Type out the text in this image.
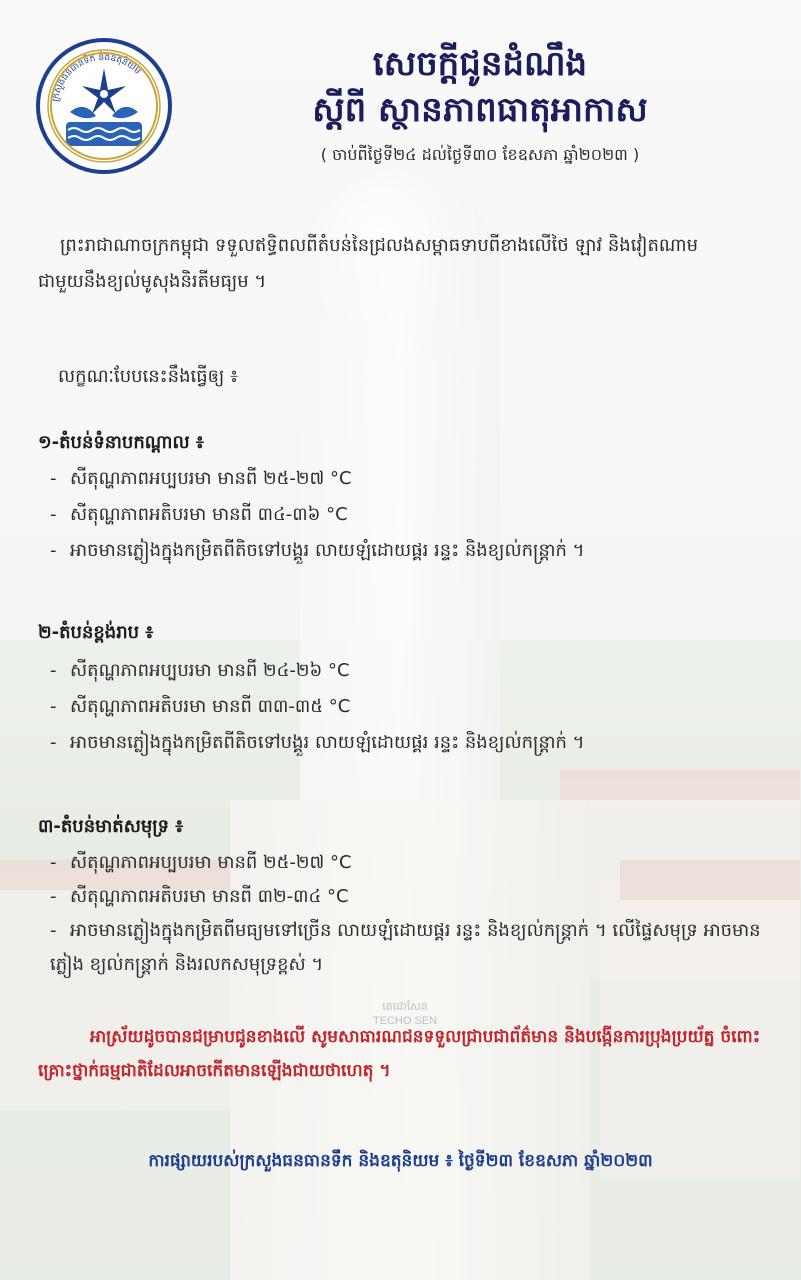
តេជោសែន
TECHO SEN
ក្រសួងធនធានទឹក និងឧតុនិយម	សេចក្តីជូនដំណឹង
ស្តីពី ស្ថានភាពធាតុអាកាស
( ចាប់ពីថ្ងៃទី២៤ ដល់ថ្ងៃទី៣០ ខែឧសភា ឆ្នាំ២០២៣ )
ព្រះរាជាណាចក្រកម្ពុជា ទទួលឥទ្ធិពលពីតំបន់នៃជ្រលងសម្ពាធទាបពីខាងលើថៃ ឡាវ និងវៀតណាម ជាមួយនឹងខ្យល់មូសុងនិរតីមធ្យម ។
លក្ខណៈបែបនេះនឹងធ្វើឲ្យ ៖
១-តំបន់ទំនាបកណ្តាល ៖
- សីតុណ្ហភាពអប្បបរមា មានពី ២៥-២៧ °C
- សីតុណ្ហភាពអតិបរមា មានពី ៣៤-៣៦ °C
- អាចមានភ្លៀងក្នុងកម្រិតពីតិចទៅបង្គួរ លាយឡំដោយផ្គរ រន្ទះ និងខ្យល់កន្ត្រាក់ ។
២-តំបន់ខ្ពង់រាប ៖
- សីតុណ្ហភាពអប្បបរមា មានពី ២៤-២៦ °C
- សីតុណ្ហភាពអតិបរមា មានពី ៣៣-៣៥ °C
- អាចមានភ្លៀងក្នុងកម្រិតពីតិចទៅបង្គួរ លាយឡំដោយផ្គរ រន្ទះ និងខ្យល់កន្ត្រាក់ ។
៣-តំបន់មាត់សមុទ្រ ៖
- សីតុណ្ហភាពអប្បបរមា មានពី ២៥-២៧ °C
- សីតុណ្ហភាពអតិបរមា មានពី ៣២-៣៤ °C
- អាចមានភ្លៀងក្នុងកម្រិតពីមធ្យមទៅច្រើន លាយឡំដោយផ្គរ រន្ទះ និងខ្យល់កន្ត្រាក់ ។ លើផ្ទៃសមុទ្រ អាចមានភ្លៀង ខ្យល់កន្ត្រាក់ និងរលកសមុទ្រខ្ពស់ ។
អាស្រ័យដូចបានជម្រាបជូនខាងលើ សូមសាធារណជនទទួលជ្រាបជាព័ត៌មាន និងបង្កើនការប្រុងប្រយ័ត្ន ចំពោះគ្រោះថ្នាក់ធម្មជាតិដែលអាចកើតមានឡើងជាយថាហេតុ ។
ការផ្សាយរបស់ក្រសួងធនធានទឹក និងឧតុនិយម ៖ ថ្ងៃទី២៣ ខែឧសភា ឆ្នាំ២០២៣
